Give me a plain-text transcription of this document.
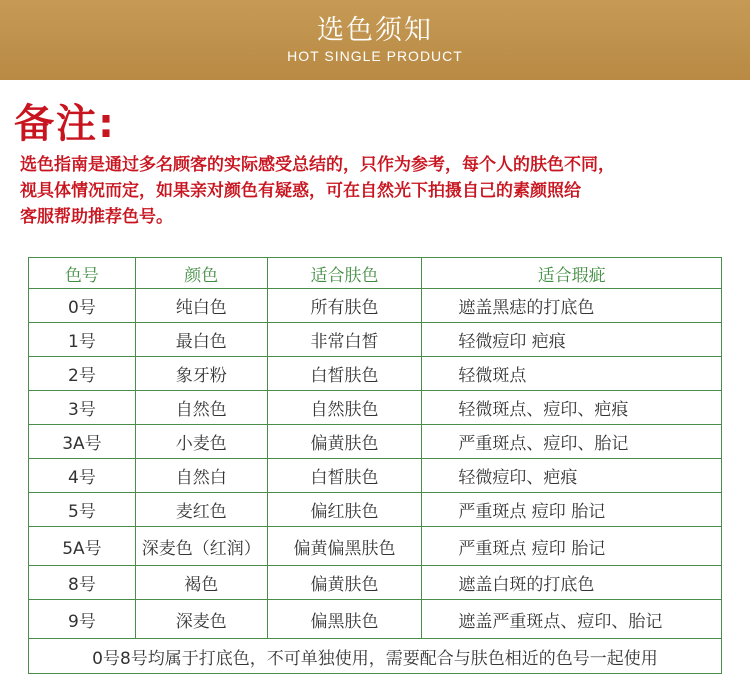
选色须知
HOT SINGLE PRODUCT
备注:
选色指南是通过多名顾客的实际感受总结的，只作为参考，每个人的肤色不同，
视具体情况而定，如果亲对颜色有疑惑，可在自然光下拍摄自己的素颜照给
客服帮助推荐色号。
色号	颜色	适合肤色	适合瑕疵
0号	纯白色	所有肤色	遮盖黑痣的打底色
1号	最白色	非常白皙	轻微痘印 疤痕
2号	象牙粉	白皙肤色	轻微斑点
3号	自然色	自然肤色	轻微斑点、痘印、疤痕
3A号	小麦色	偏黄肤色	严重斑点、痘印、胎记
4号	自然白	白皙肤色	轻微痘印、疤痕
5号	麦红色	偏红肤色	严重斑点 痘印 胎记
5A号	深麦色（红润）	偏黄偏黑肤色	严重斑点 痘印 胎记
8号	褐色	偏黄肤色	遮盖白斑的打底色
9号	深麦色	偏黑肤色	遮盖严重斑点、痘印、胎记
0号8号均属于打底色，不可单独使用，需要配合与肤色相近的色号一起使用			
